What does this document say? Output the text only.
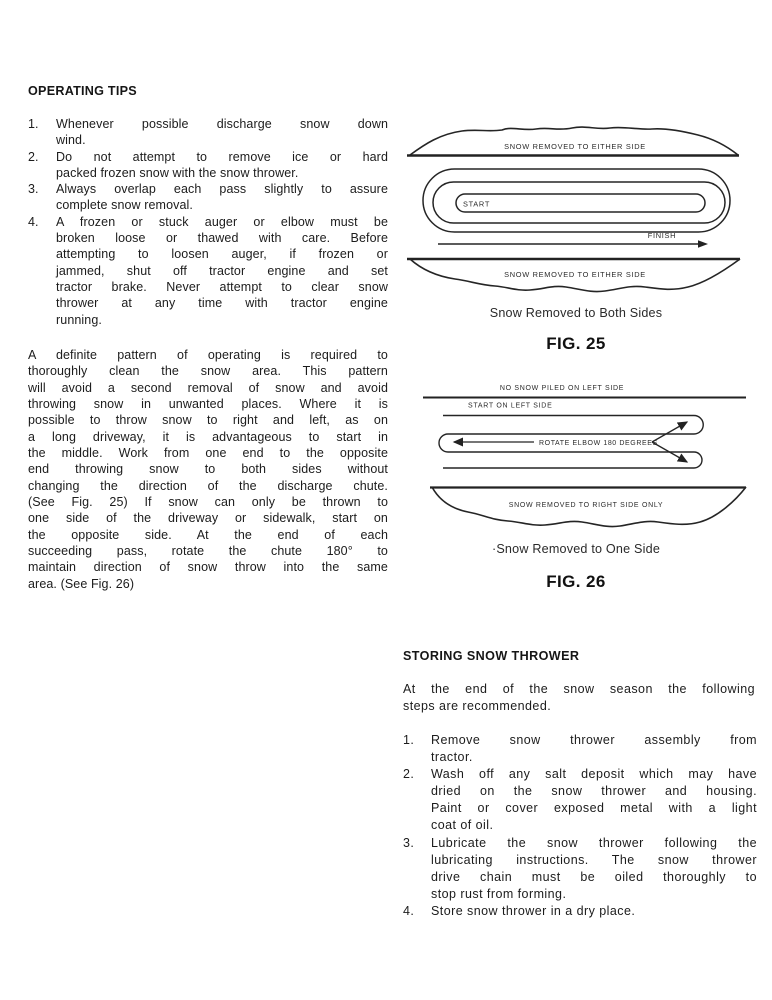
OPERATING TIPS
1.	Whenever possible discharge snow down
wind.
2.	Do not attempt to remove ice or hard
packed frozen snow with the snow thrower.
3.	Always overlap each pass slightly to assure
complete snow removal.
4.	A frozen or stuck auger or elbow must be
broken loose or thawed with care. Before
attempting to loosen auger, if frozen or
jammed, shut off tractor engine and set
tractor brake. Never attempt to clear snow
thrower at any time with tractor engine
running.
A definite pattern of operating is required to
thoroughly clean the snow area. This pattern
will avoid a second removal of snow and avoid
throwing snow in unwanted places. Where it is
possible to throw snow to right and left, as on
a long driveway, it is advantageous to start in
the middle. Work from one end to the opposite
end throwing snow to both sides without
changing the direction of the discharge chute.
(See Fig. 25) If snow can only be thrown to
one side of the driveway or sidewalk, start on
the opposite side. At the end of each
succeeding pass, rotate the chute 180° to
maintain direction of snow throw into the same
area. (See Fig. 26)
SNOW REMOVED TO EITHER SIDE
START
FINISH
SNOW REMOVED TO EITHER SIDE
Snow Removed to Both Sides
FIG. 25
NO SNOW PILED ON LEFT SIDE
START ON LEFT SIDE
ROTATE ELBOW 180 DEGREES
SNOW REMOVED TO RIGHT SIDE ONLY
·Snow Removed to One Side
FIG. 26
STORING SNOW THROWER
At the end of the snow season the following
steps are recommended.
1.	Remove snow thrower assembly from
tractor.
2.	Wash off any salt deposit which may have
dried on the snow thrower and housing.
Paint or cover exposed metal with a light
coat of oil.
3.	Lubricate the snow thrower following the
lubricating instructions. The snow thrower
drive chain must be oiled thoroughly to
stop rust from forming.
4.	Store snow thrower in a dry place.
